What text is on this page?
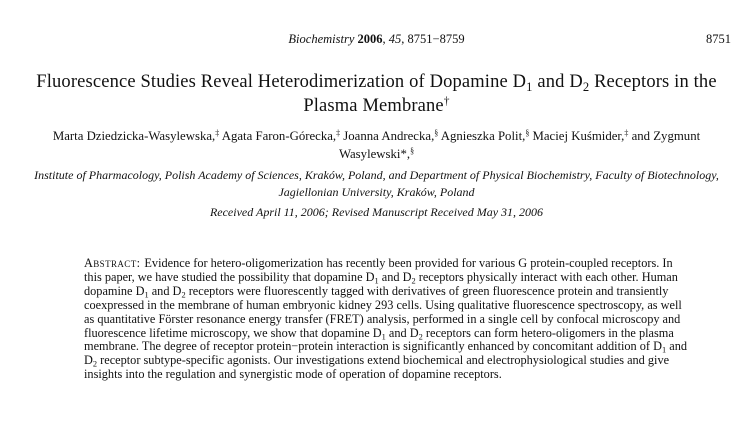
Biochemistry 2006, 45, 8751−8759	8751
Fluorescence Studies Reveal Heterodimerization of Dopamine $D_1$ and $D_2$ Receptors in the Plasma Membrane†
Marta Dziedzicka-Wasylewska,‡ Agata Faron-Górecka,‡ Joanna Andrecka,§ Agnieszka Polit,§ Maciej Kuśmider,‡ and Zygmunt Wasylewski*,§
Institute of Pharmacology, Polish Academy of Sciences, Kraków, Poland, and Department of Physical Biochemistry, Faculty of Biotechnology, Jagiellonian University, Kraków, Poland
Received April 11, 2006; Revised Manuscript Received May 31, 2006
Abstract: Evidence for hetero-oligomerization has recently been provided for various G protein-coupled receptors. In this paper, we have studied the possibility that dopamine $D_1$ and $D_2$ receptors physically interact with each other. Human dopamine $D_1$ and $D_2$ receptors were fluorescently tagged with derivatives of green fluorescence protein and transiently coexpressed in the membrane of human embryonic kidney 293 cells. Using qualitative fluorescence spectroscopy, as well as quantitative Förster resonance energy transfer (FRET) analysis, performed in a single cell by confocal microscopy and fluorescence lifetime microscopy, we show that dopamine $D_1$ and $D_2$ receptors can form hetero-oligomers in the plasma membrane. The degree of receptor protein−protein interaction is significantly enhanced by concomitant addition of $D_1$ and $D_2$ receptor subtype-specific agonists. Our investigations extend biochemical and electrophysiological studies and give insights into the regulation and synergistic mode of operation of dopamine receptors.
